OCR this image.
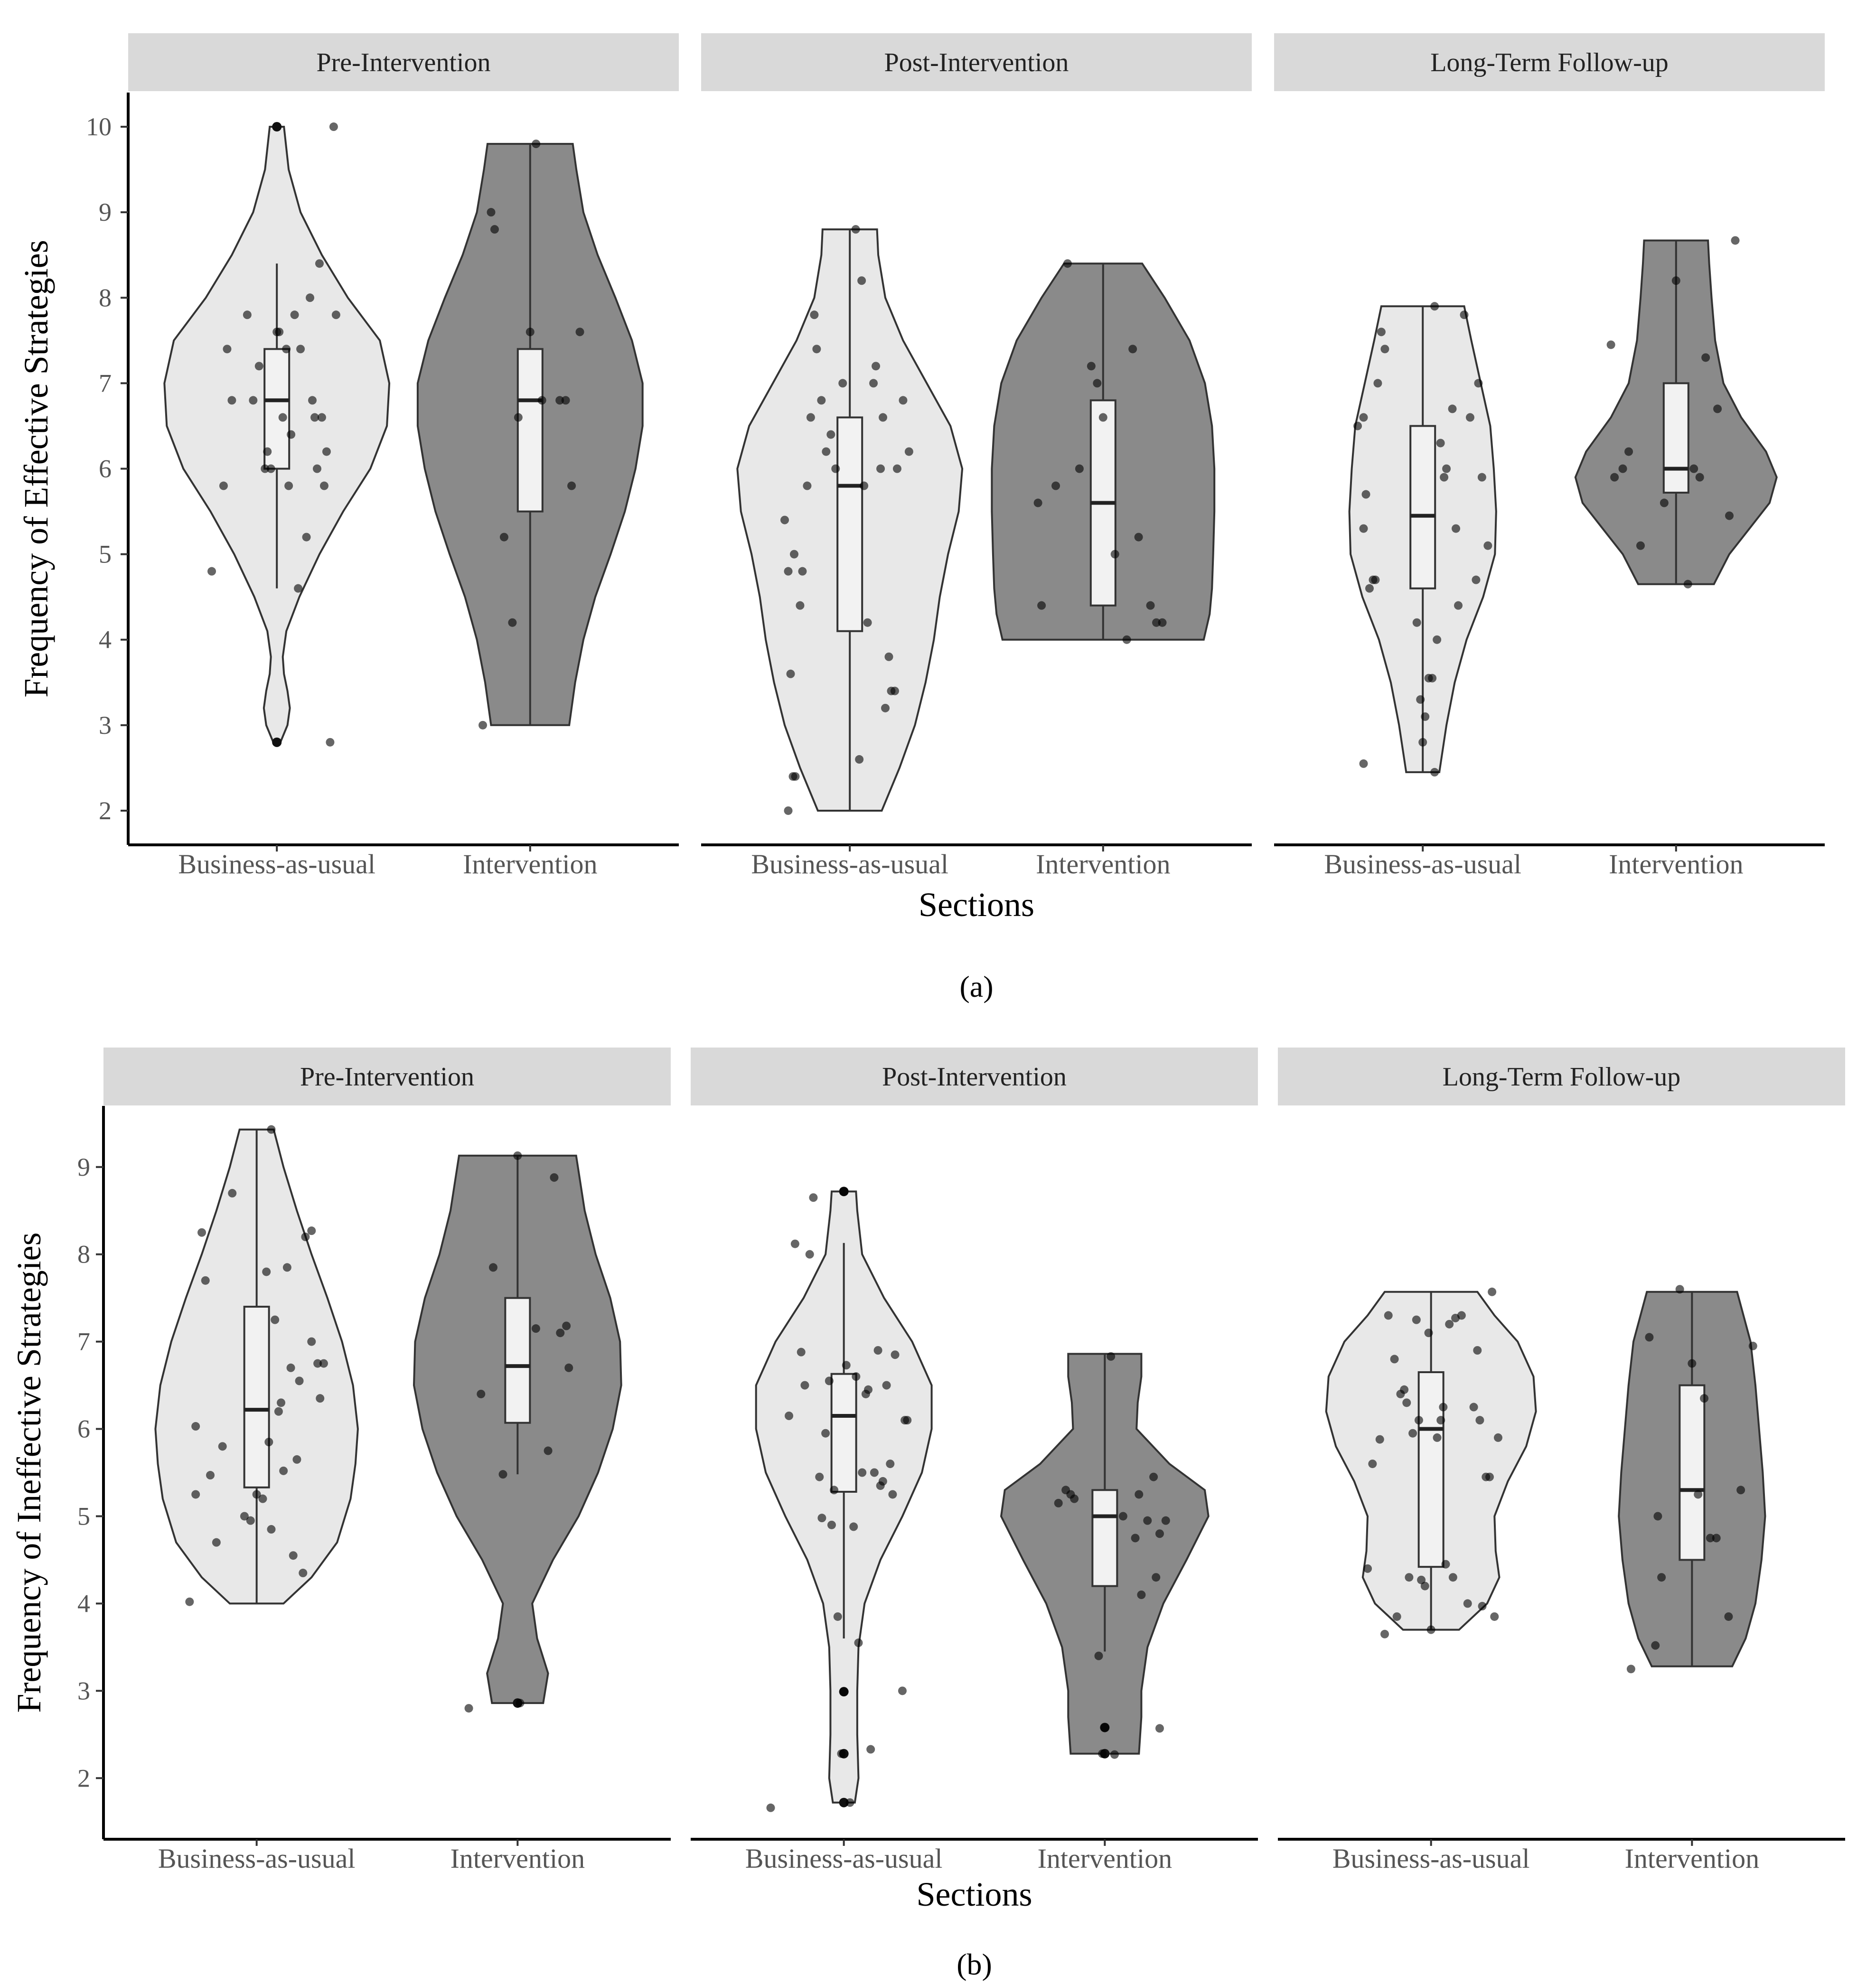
Pre-Intervention
2
3
4
5
6
7
8
9
10
Business-as-usual	Intervention
Post-Intervention
Business-as-usual	Intervention
Long-Term Follow-up
Business-as-usual	Intervention
Frequency of Effective Strategies
Sections
(a)
Pre-Intervention
2
3
4
5
6
7
8
9
Business-as-usual	Intervention
Post-Intervention
Business-as-usual	Intervention
Long-Term Follow-up
Business-as-usual	Intervention
Frequency of Ineffective Strategies
Sections
(b)
